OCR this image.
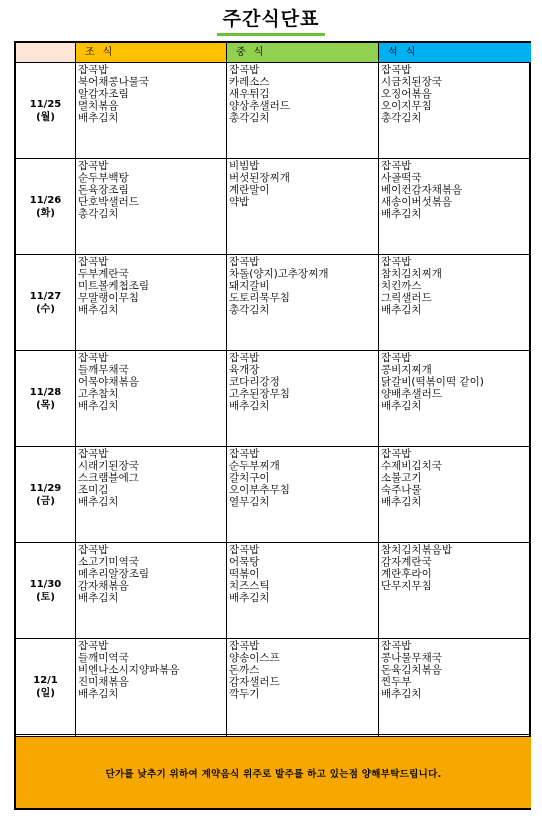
주간식단표
조식	중식	석식
11/25
(월)
잡곡밥
북어채콩나물국
알감자조림
멸치볶음
배추김치
잡곡밥
카레소스
새우튀김
양상추샐러드
총각김치
잡곡밥
시금치된장국
오징어볶음
오이지무침
총각김치
11/26
(화)
잡곡밥
순두부백탕
돈육장조림
단호박샐러드
총각김치
비빔밥
버섯된장찌개
계란말이
약밥
잡곡밥
사골떡국
베이컨감자채볶음
새송이버섯볶음
배추김치
11/27
(수)
잡곡밥
두부계란국
미트볼케첩조림
무말랭이무침
배추김치
잡곡밥
차돌(양지)고추장찌개
돼지갈비
도토리묵무침
총각김치
잡곡밥
참치김치찌개
치킨까스
그릭샐러드
배추김치
11/28
(목)
잡곡밥
들깨무채국
어묵야채볶음
고추참치
배추김치
잡곡밥
육개장
코다리강정
고추된장무침
배추김치
잡곡밥
콩비지찌개
닭갈비(떡볶이떡 같이)
양배추샐러드
배추김치
11/29
(금)
잡곡밥
시래기된장국
스크램블에그
조미김
배추김치
잡곡밥
순두부찌개
갈치구이
오이부추무침
열무김치
잡곡밥
수제비김치국
소불고기
숙주나물
배추김치
11/30
(토)
잡곡밥
소고기미역국
메추리알장조림
감자채볶음
배추김치
잡곡밥
어묵탕
떡볶이
치즈스틱
배추김치
참치김치볶음밥
감자계란국
계란후라이
단무지무침
12/1
(일)
잡곡밥
들깨미역국
비엔나소시지양파볶음
진미채볶음
배추김치
잡곡밥
양송이스프
돈까스
감자샐러드
깍두기
잡곡밥
콩나물무채국
돈육김치볶음
찐두부
배추김치
단가를 낮추기 위하여 계약음식 위주로 발주를 하고 있는점 양해부탁드립니다.
